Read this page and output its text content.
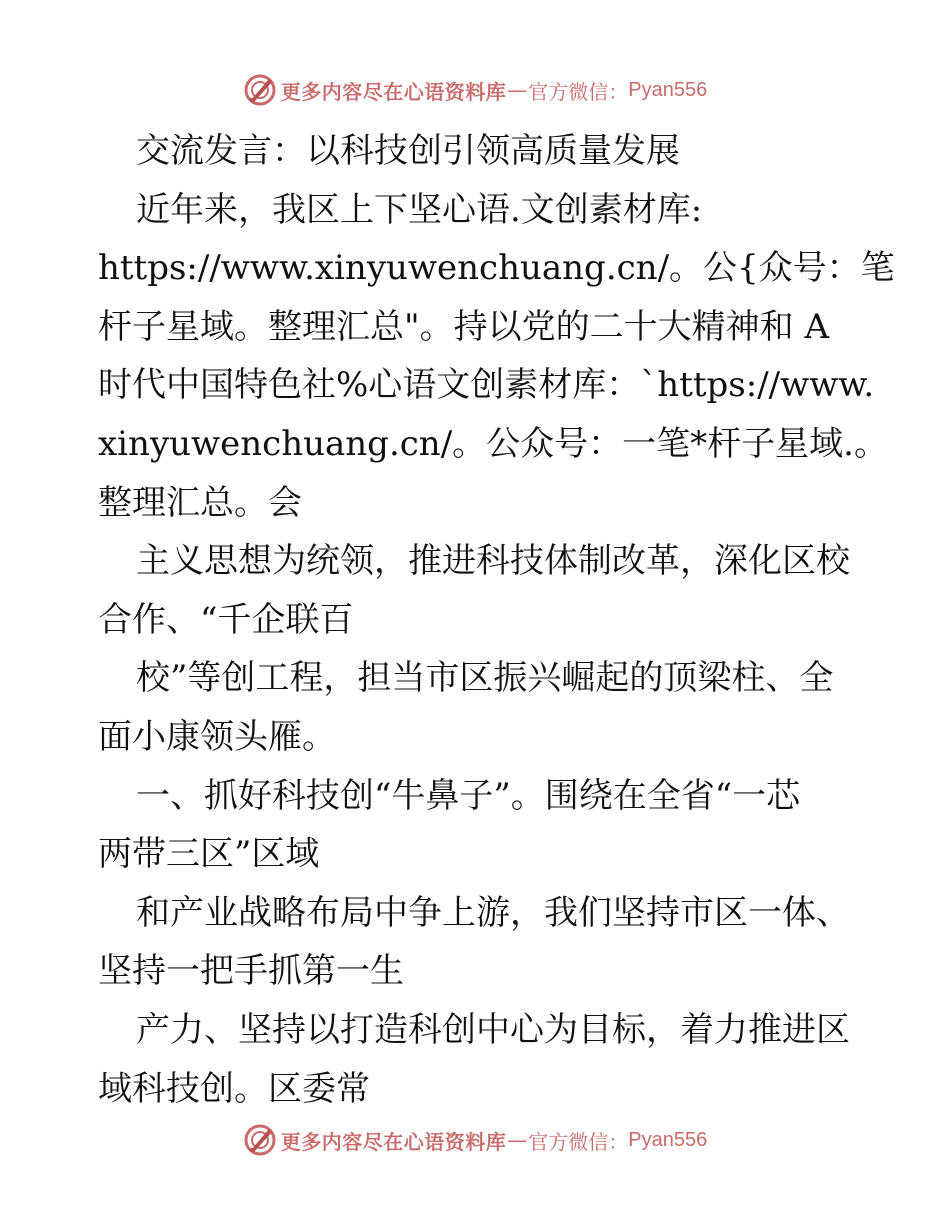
更多内容尽在心语资料库 — 官方微信： Pyan556

交流发言：以科技创引领高质量发展

近年来，我区上下坚心语.文创素材库:

https://www.xinyuwenchuang.cn/。公{众号：笔

杆子星域。整理汇总"。持以党的二十大精神和 A

时代中国特色社%心语文创素材库：`https://www.

xinyuwenchuang.cn/。公众号：一笔*杆子星域.。

整理汇总。会

主义思想为统领，推进科技体制改革，深化区校

合作、“千企联百

校”等创工程，担当市区振兴崛起的顶梁柱、全

面小康领头雁。

一、抓好科技创“牛鼻子”。围绕在全省“一芯

两带三区”区域

和产业战略布局中争上游，我们坚持市区一体、

坚持一把手抓第一生

产力、坚持以打造科创中心为目标，着力推进区

域科技创。区委常

更多内容尽在心语资料库 — 官方微信： Pyan556
